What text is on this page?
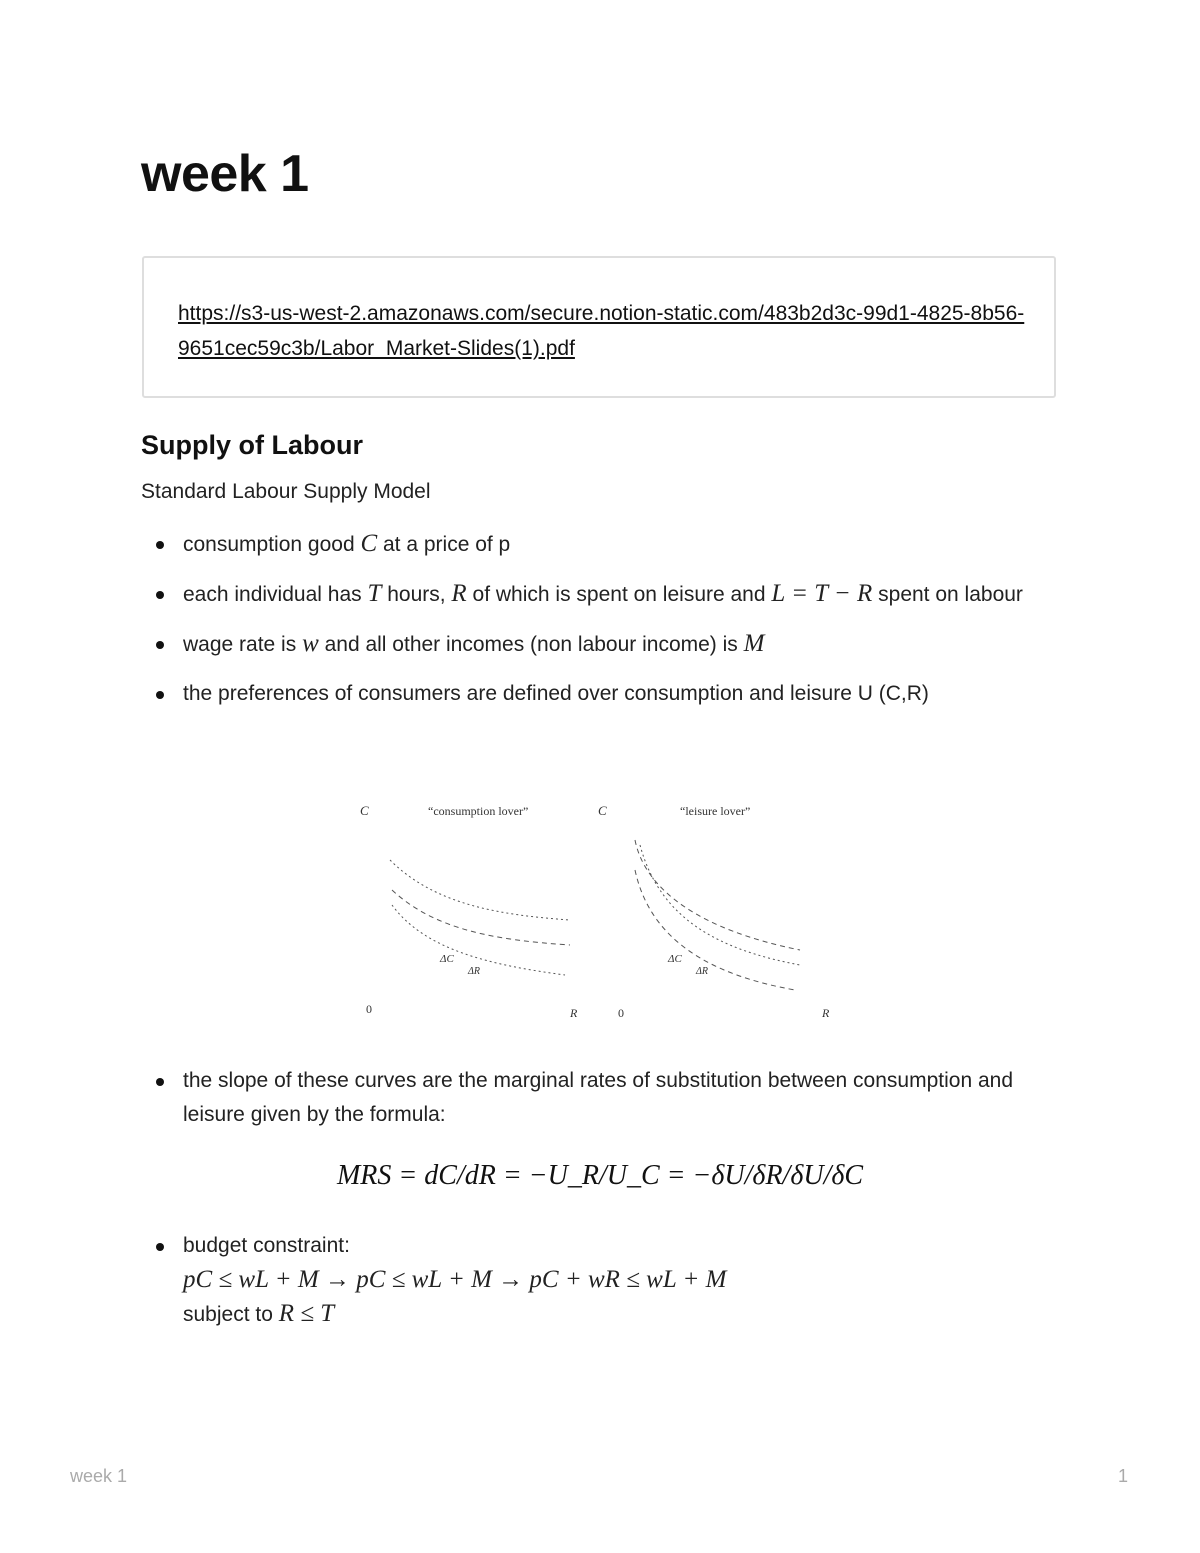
week 1
https://s3-us-west-2.amazonaws.com/secure.notion-static.com/483b2d3c-99d1-4825-8b56-9651cec59c3b/Labor_Market-Slides(1).pdf
Supply of Labour

Standard Labour Supply Model

consumption good C at a price of p
each individual has T hours, R of which is spent on leisure and L = T − R spent on labour
wage rate is w and all other incomes (non labour income) is M
the preferences of consumers are defined over consumption and leisure U (C,R)
C	“consumption lover”
0	R
ΔC
ΔR
C	“leisure lover”
0	R
ΔC
ΔR
the slope of these curves are the marginal rates of substitution between consumption and leisure given by the formula:
MRS = dC/dR = −U_R/U_C = −δU/δR/δU/δC
budget constraint:
pC ≤ wL + M → pC ≤ wL + M → pC + wR ≤ wL + M
subject to R ≤ T
week 1	1
